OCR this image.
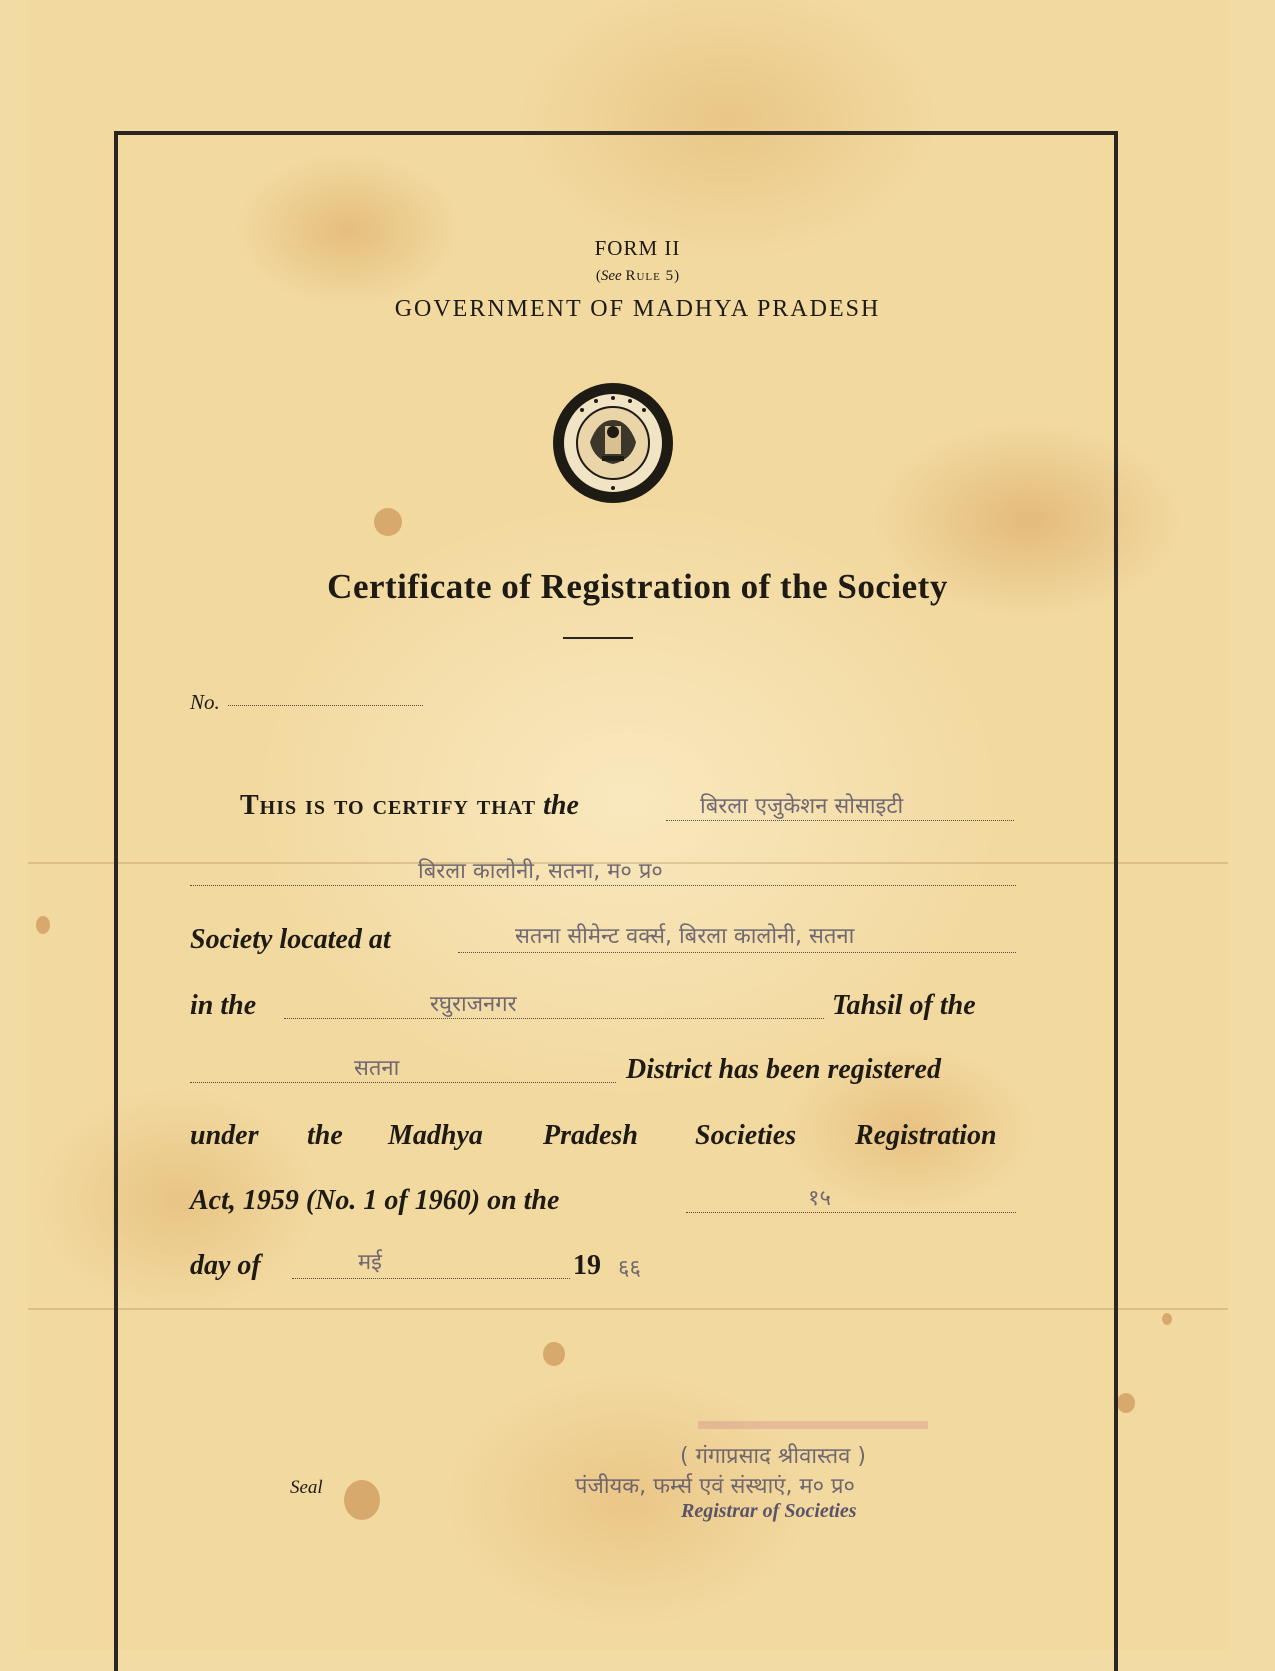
FORM II
(See Rule 5)
GOVERNMENT OF MADHYA PRADESH
Certificate of Registration of the Society
No.
This is to certify that the	बिरला एजुकेशन सोसाइटी
बिरला कालोनी, सतना, म० प्र०
Society located at	सतना सीमेन्ट वर्क्स, बिरला कालोनी, सतना
in the	रघुराजनगर	Tahsil of the
सतना	District has been registered
under the Madhya Pradesh Societies Registration
Act, 1959 (No. 1 of 1960) on the	१५
day of	मई	19 ६६
Seal
( गंगाप्रसाद श्रीवास्तव )
पंजीयक, फर्म्स एवं संस्थाएं, म० प्र०
Registrar of Societies
